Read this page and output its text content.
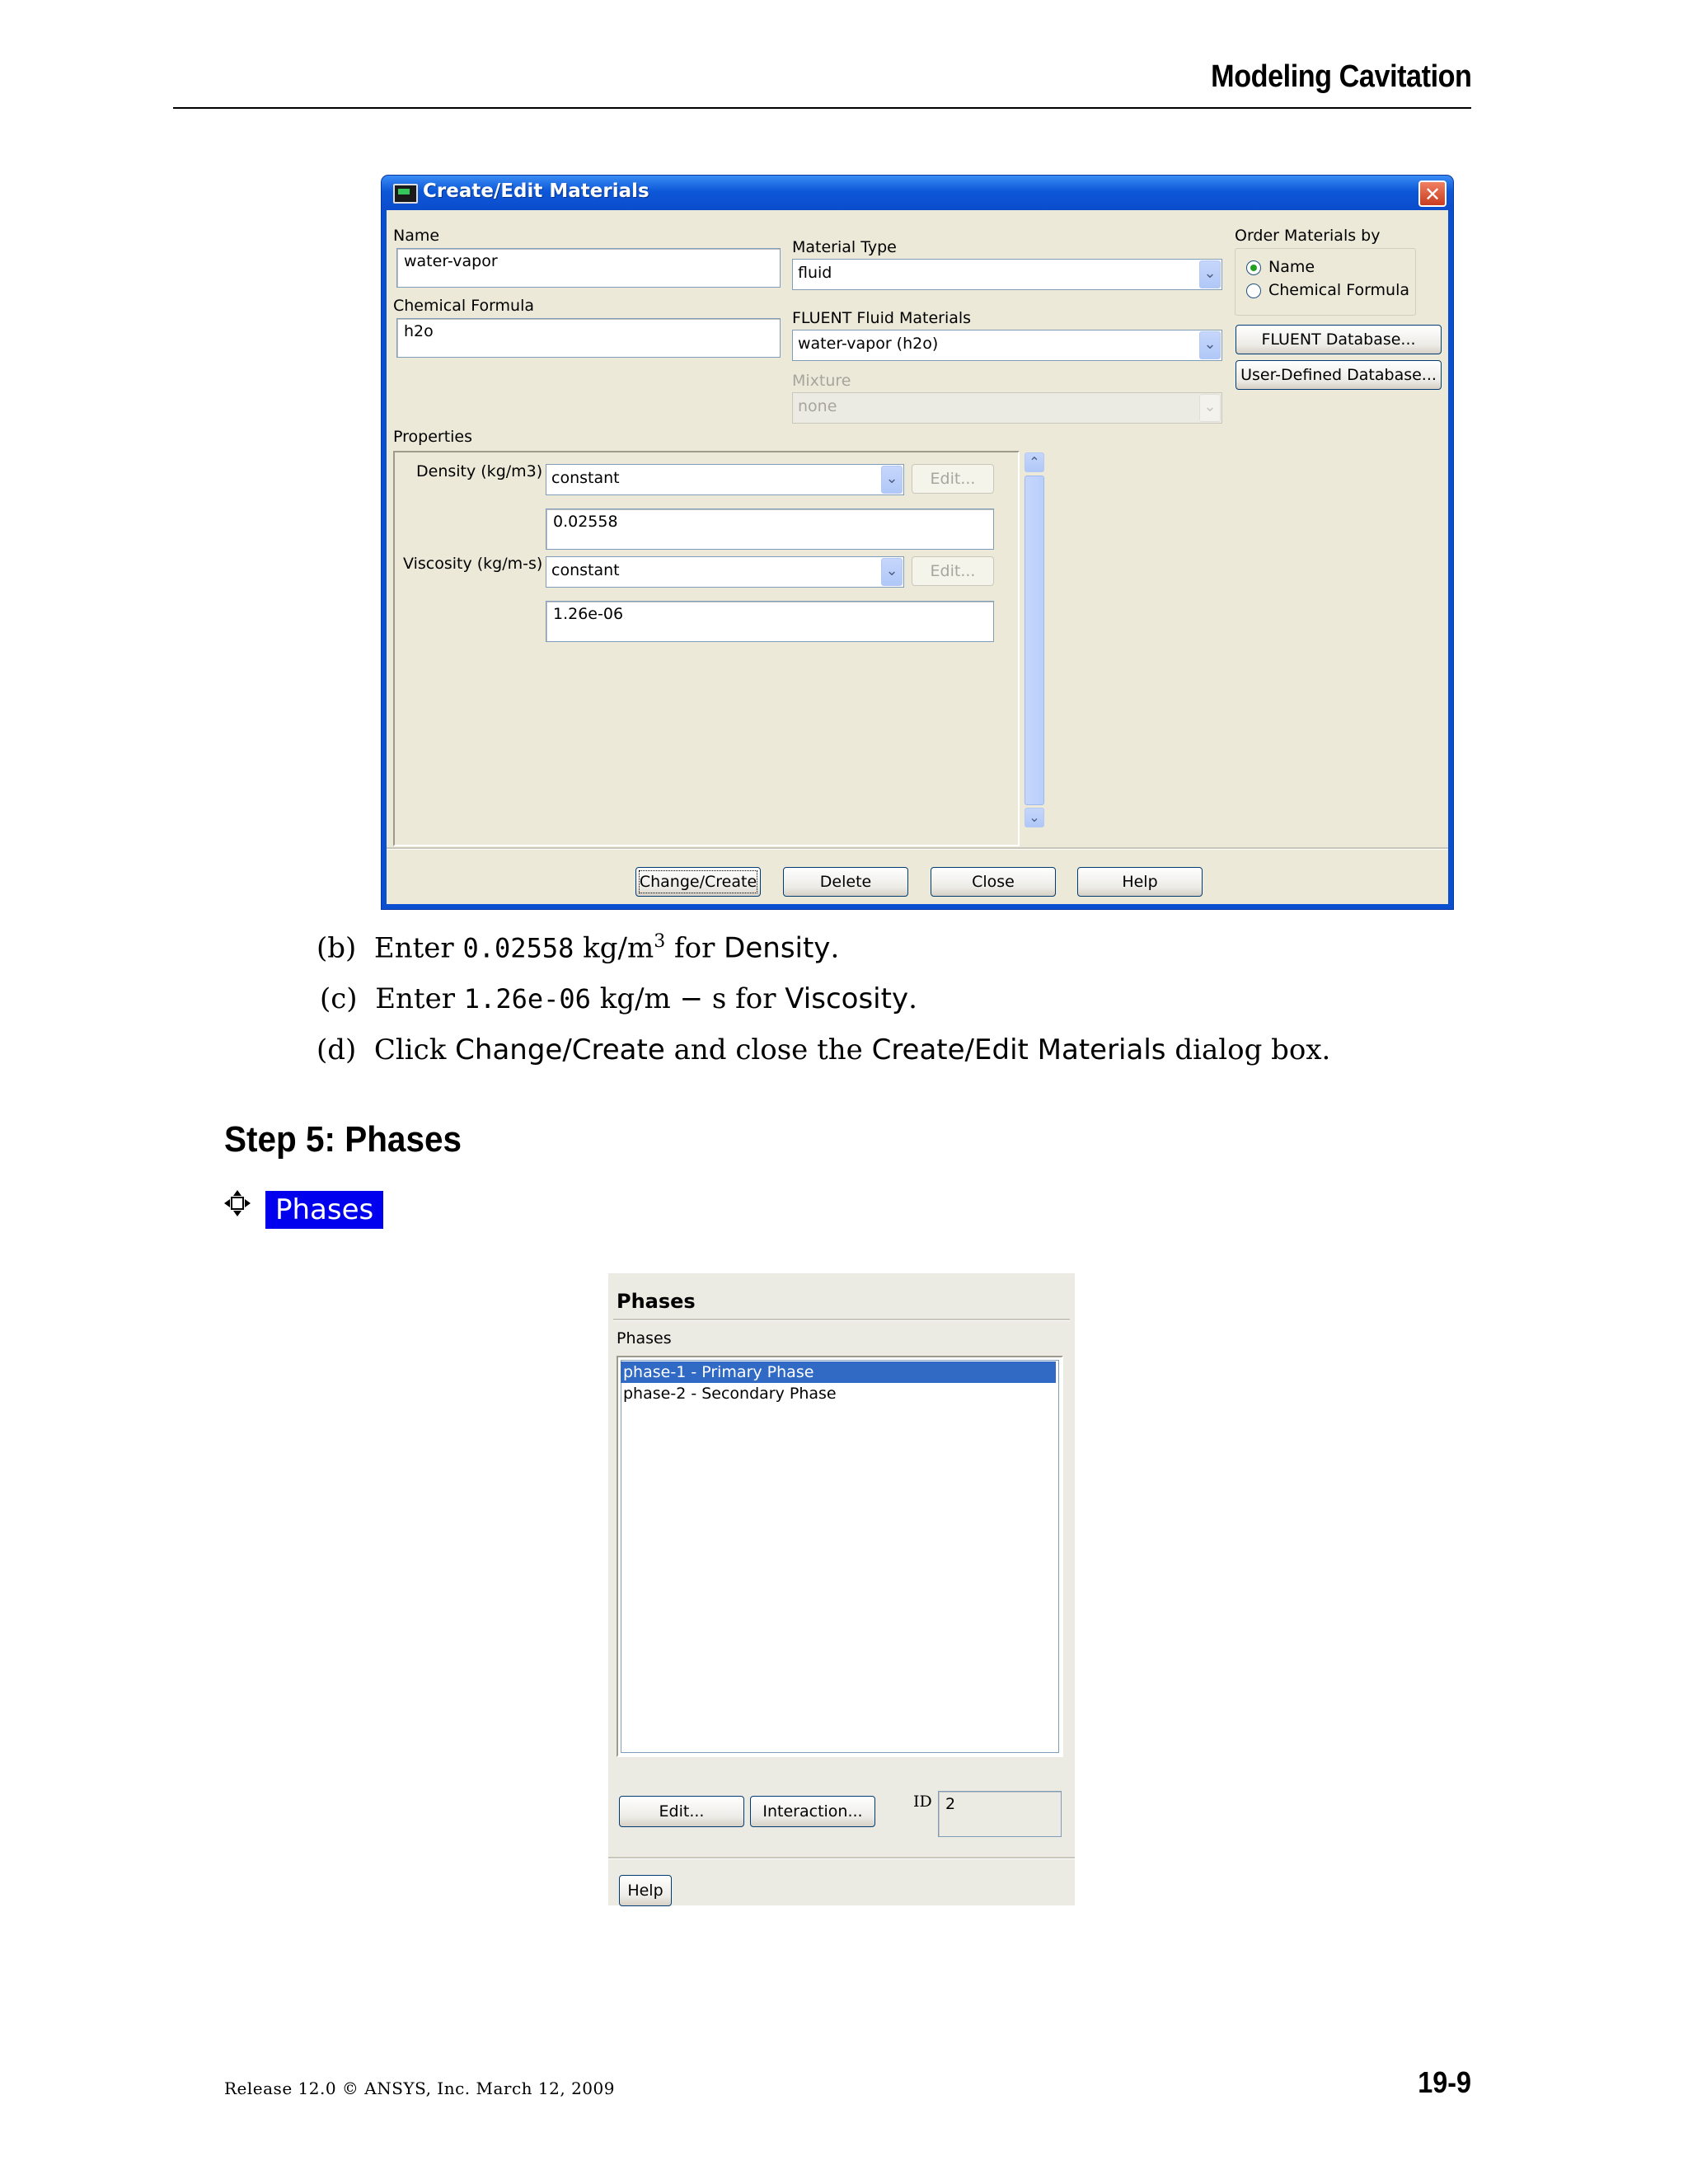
Modeling Cavitation
Create/Edit Materials	✕
Name
water-vapor
Chemical Formula
h2o
Material Type
fluid	⌄
FLUENT Fluid Materials
water-vapor (h2o)	⌄
Mixture
none	⌄
Order Materials by
Name
Chemical Formula
FLUENT Database...
User-Defined Database...
Properties
Density (kg/m3) constant	⌄	Edit...
0.02558
Viscosity (kg/m-s) constant	⌄	Edit...
1.26e-06
⌃
⌄
Change/Create	Delete	Close	Help
(b) Enter 0.02558 $kg/m^3$ for Density.
(c) Enter 1.26e-06 kg/m − s for Viscosity.
(d) Click Change/Create and close the Create/Edit Materials dialog box.
Step 5: Phases
Phases
Phases
Phases
phase-1 - Primary Phase
phase-2 - Secondary Phase
Edit...	Interaction...
ID 2
Help
Release 12.0 © ANSYS, Inc. March 12, 2009	19-9
